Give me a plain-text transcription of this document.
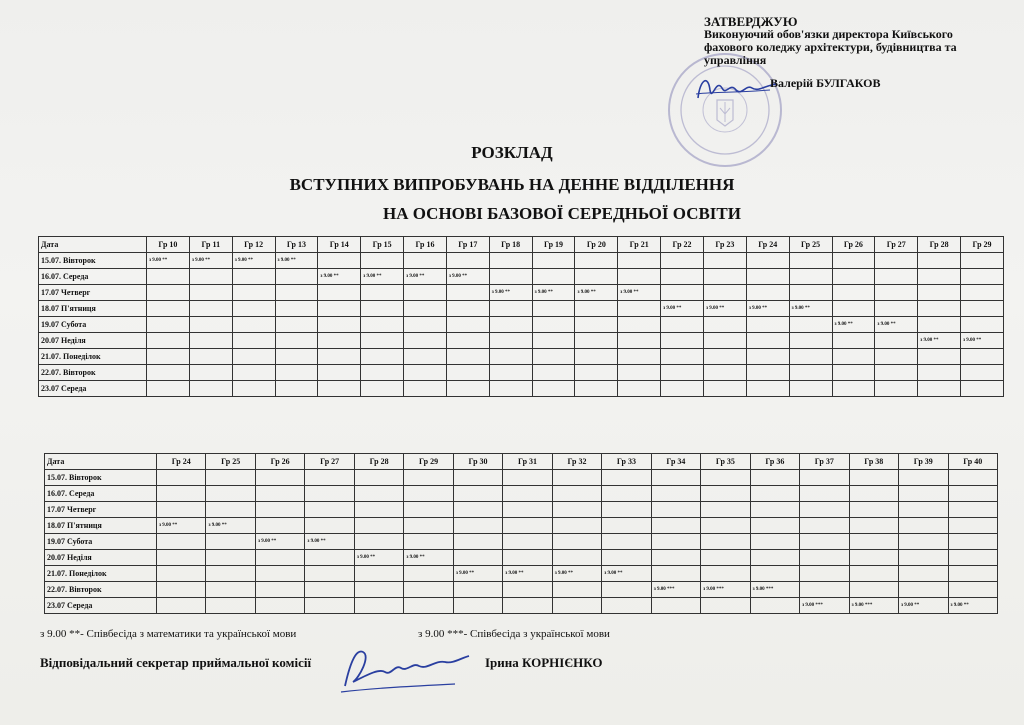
ЗАТВЕРДЖУЮ
Виконуючий обов'язки директора Київського
фахового коледжу архітектури, будівництва та
управління
Валерій БУЛГАКОВ
РОЗКЛАД
ВСТУПНИХ ВИПРОБУВАНЬ НА ДЕННЕ ВІДДІЛЕННЯ
НА ОСНОВІ БАЗОВОЇ СЕРЕДНЬОЇ ОСВІТИ
Дата	Гр 10	Гр 11	Гр 12	Гр 13	Гр 14	Гр 15	Гр 16	Гр 17	Гр 18	Гр 19	Гр 20	Гр 21	Гр 22	Гр 23	Гр 24	Гр 25	Гр 26	Гр 27	Гр 28	Гр 29
15.07. Вівторок	з 9.00 **	з 9.00 **	з 9.00 **	з 9.00 **																
16.07. Середа					з 9.00 **	з 9.00 **	з 9.00 **	з 9.00 **												
17.07 Четверг									з 9.00 **	з 9.00 **	з 9.00 **	з 9.00 **								
18.07 П'ятниця													з 9.00 **	з 9.00 **	з 9.00 **	з 9.00 **				
19.07 Субота																	з 9.00 **	з 9.00 **		
20.07 Неділя																			з 9.00 **	з 9.00 **
21.07. Понеділок																				
22.07. Вівторок																				
23.07 Середа																				
Дата	Гр 24	Гр 25	Гр 26	Гр 27	Гр 28	Гр 29	Гр 30	Гр 31	Гр 32	Гр 33	Гр 34	Гр 35	Гр 36	Гр 37	Гр 38	Гр 39	Гр 40
15.07. Вівторок																	
16.07. Середа																	
17.07 Четверг																	
18.07 П'ятниця	з 9.00 **	з 9.00 **															
19.07 Субота			з 9.00 **	з 9.00 **													
20.07 Неділя					з 9.00 **	з 9.00 **											
21.07. Понеділок							з 9.00 **	з 9.00 **	з 9.00 **	з 9.00 **							
22.07. Вівторок											з 9.00 ***	з 9.00 ***	з 9.00 ***				
23.07 Середа														з 9.00 ***	з 9.00 ***	з 9.00 **	з 9.00 **
з 9.00 **- Співбесіда з математики та української мови	з 9.00 ***- Співбесіда з української мови
Відповідальний секретар приймальної комісії	Ірина КОРНІЄНКО
